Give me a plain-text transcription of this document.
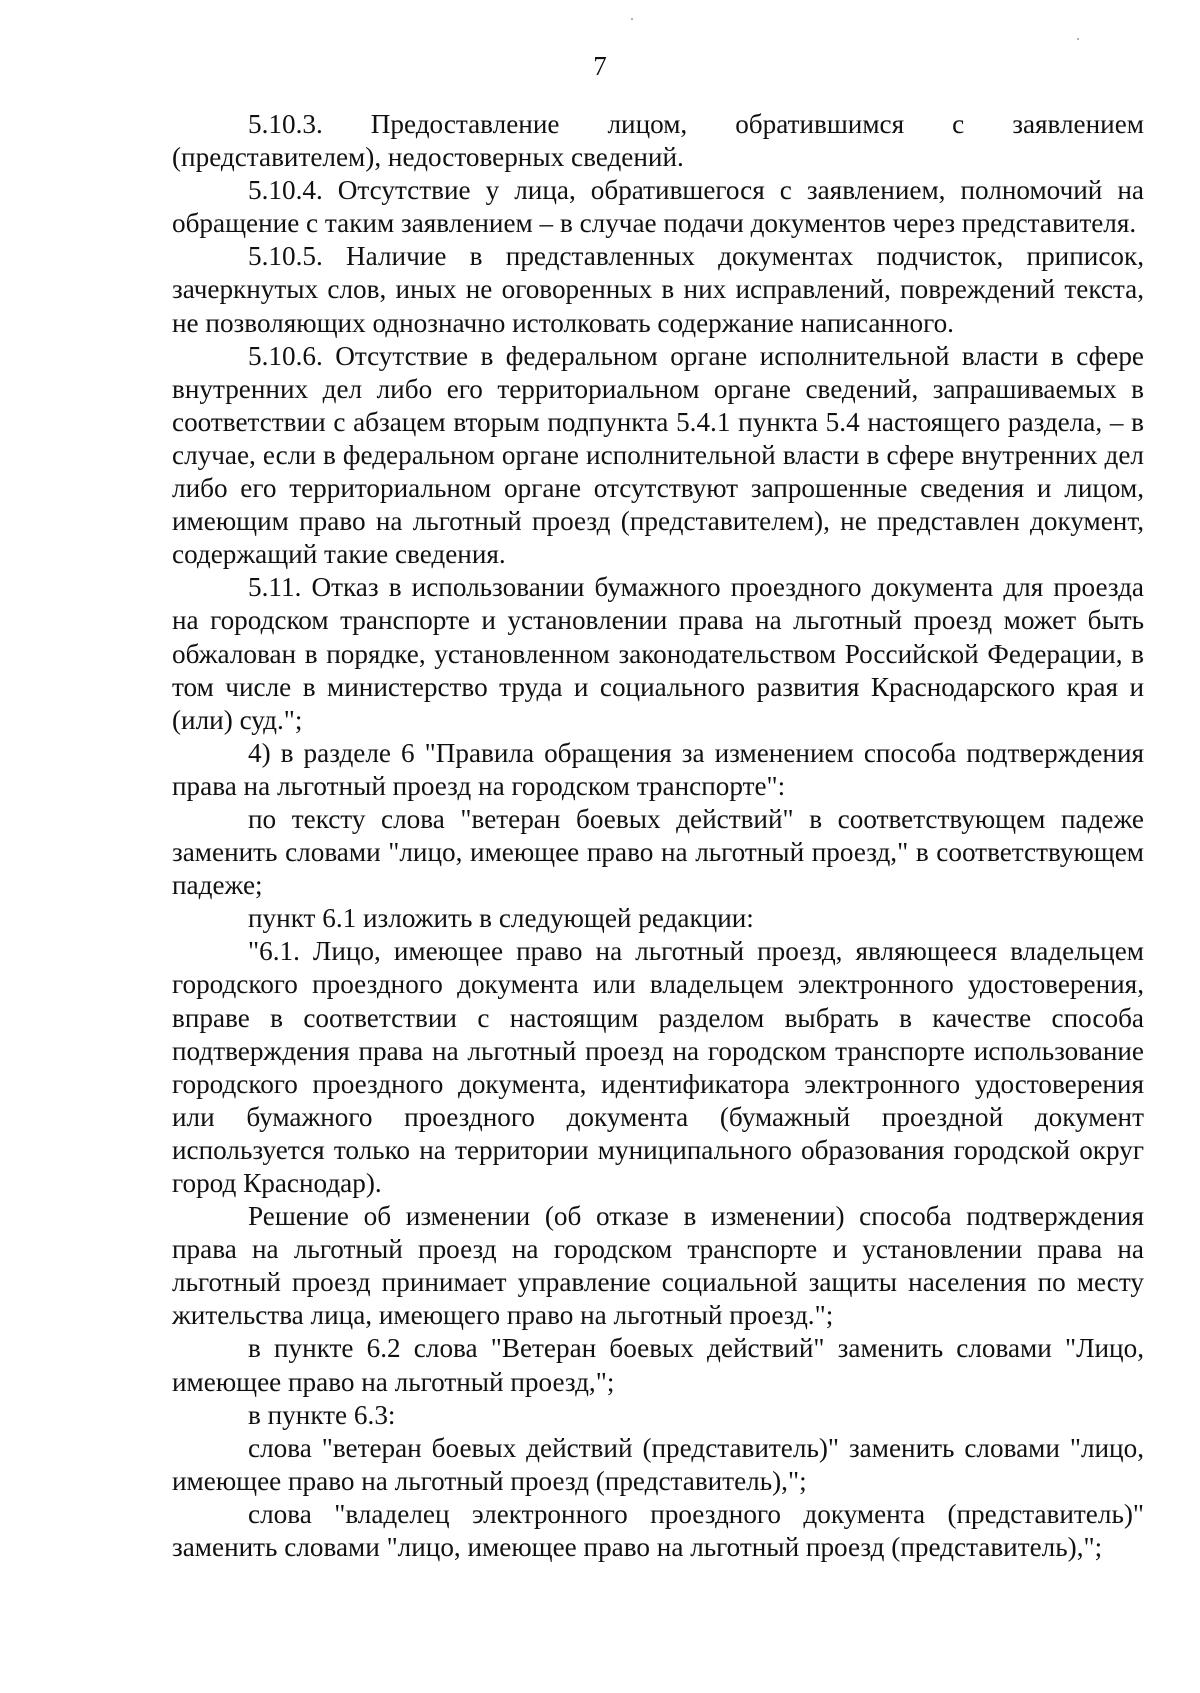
7

5.10.3. Предоставление лицом, обратившимся с заявлением (представителем), недостоверных сведений.

5.10.4. Отсутствие у лица, обратившегося с заявлением, полномочий на обращение с таким заявлением – в случае подачи документов через представителя.

5.10.5. Наличие в представленных документах подчисток, приписок, зачеркнутых слов, иных не оговоренных в них исправлений, повреждений текста, не позволяющих однозначно истолковать содержание написанного.

5.10.6. Отсутствие в федеральном органе исполнительной власти в сфере внутренних дел либо его территориальном органе сведений, запрашиваемых в соответствии с абзацем вторым подпункта 5.4.1 пункта 5.4 настоящего раздела, – в случае, если в федеральном органе исполнительной власти в сфере внутренних дел либо его территориальном органе отсутствуют запрошенные сведения и лицом, имеющим право на льготный проезд (представителем), не представлен документ, содержащий такие сведения.

5.11. Отказ в использовании бумажного проездного документа для проезда на городском транспорте и установлении права на льготный проезд может быть обжалован в порядке, установленном законодательством Российской Федерации, в том числе в министерство труда и социального развития Краснодарского края и (или) суд.";

4) в разделе 6 "Правила обращения за изменением способа подтверждения права на льготный проезд на городском транспорте":

по тексту слова "ветеран боевых действий" в соответствующем падеже заменить словами "лицо, имеющее право на льготный проезд," в соответствующем падеже;

пункт 6.1 изложить в следующей редакции:

"6.1. Лицо, имеющее право на льготный проезд, являющееся владельцем городского проездного документа или владельцем электронного удостоверения, вправе в соответствии с настоящим разделом выбрать в качестве способа подтверждения права на льготный проезд на городском транспорте использование городского проездного документа, идентификатора электронного удостоверения или бумажного проездного документа (бумажный проездной документ используется только на территории муниципального образования городской округ город Краснодар).

Решение об изменении (об отказе в изменении) способа подтверждения права на льготный проезд на городском транспорте и установлении права на льготный проезд принимает управление социальной защиты населения по месту жительства лица, имеющего право на льготный проезд.";

в пункте 6.2 слова "Ветеран боевых действий" заменить словами "Лицо, имеющее право на льготный проезд,";

в пункте 6.3:

слова "ветеран боевых действий (представитель)" заменить словами "лицо, имеющее право на льготный проезд (представитель),";

слова "владелец электронного проездного документа (представитель)" заменить словами "лицо, имеющее право на льготный проезд (представитель),";
